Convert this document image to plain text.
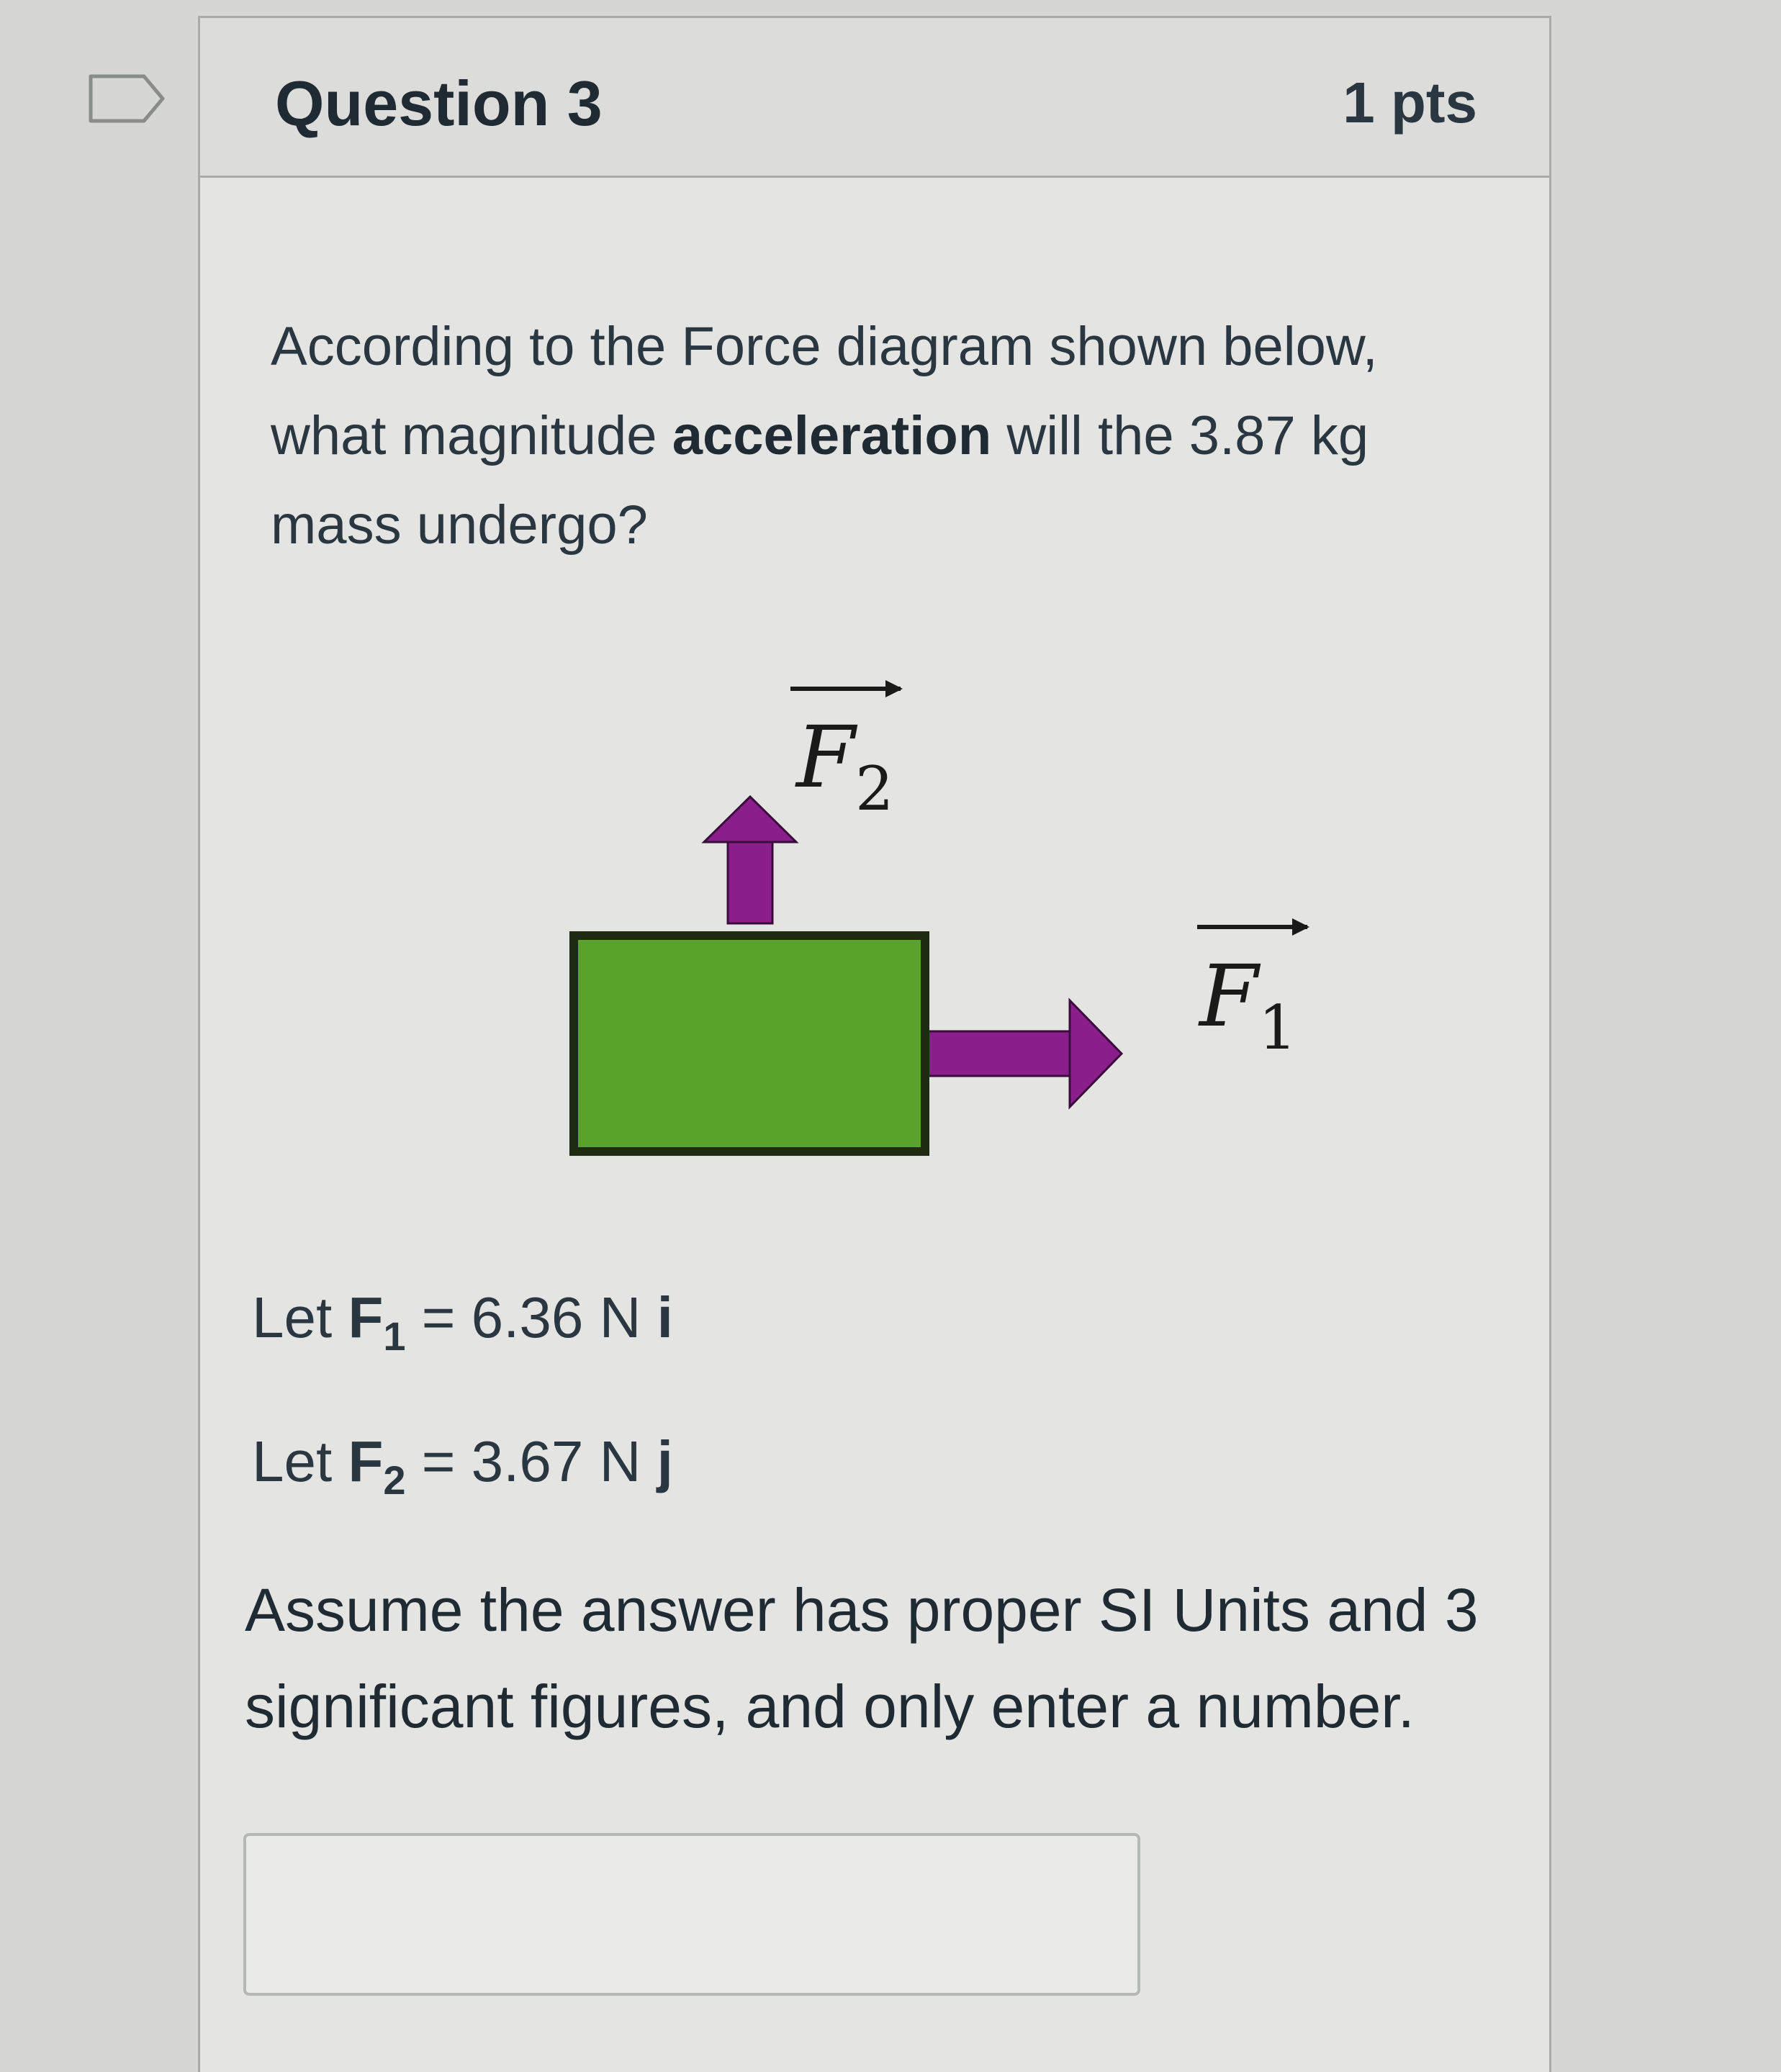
Question 3	1 pts
According to the Force diagram shown below, what magnitude acceleration will the 3.87 kg mass undergo?
F 2
F 1
Let $F_1 = 6.36$ N i
Let $F_2 = 3.67$ N j
Assume the answer has proper SI Units and 3 significant figures, and only enter a number.
